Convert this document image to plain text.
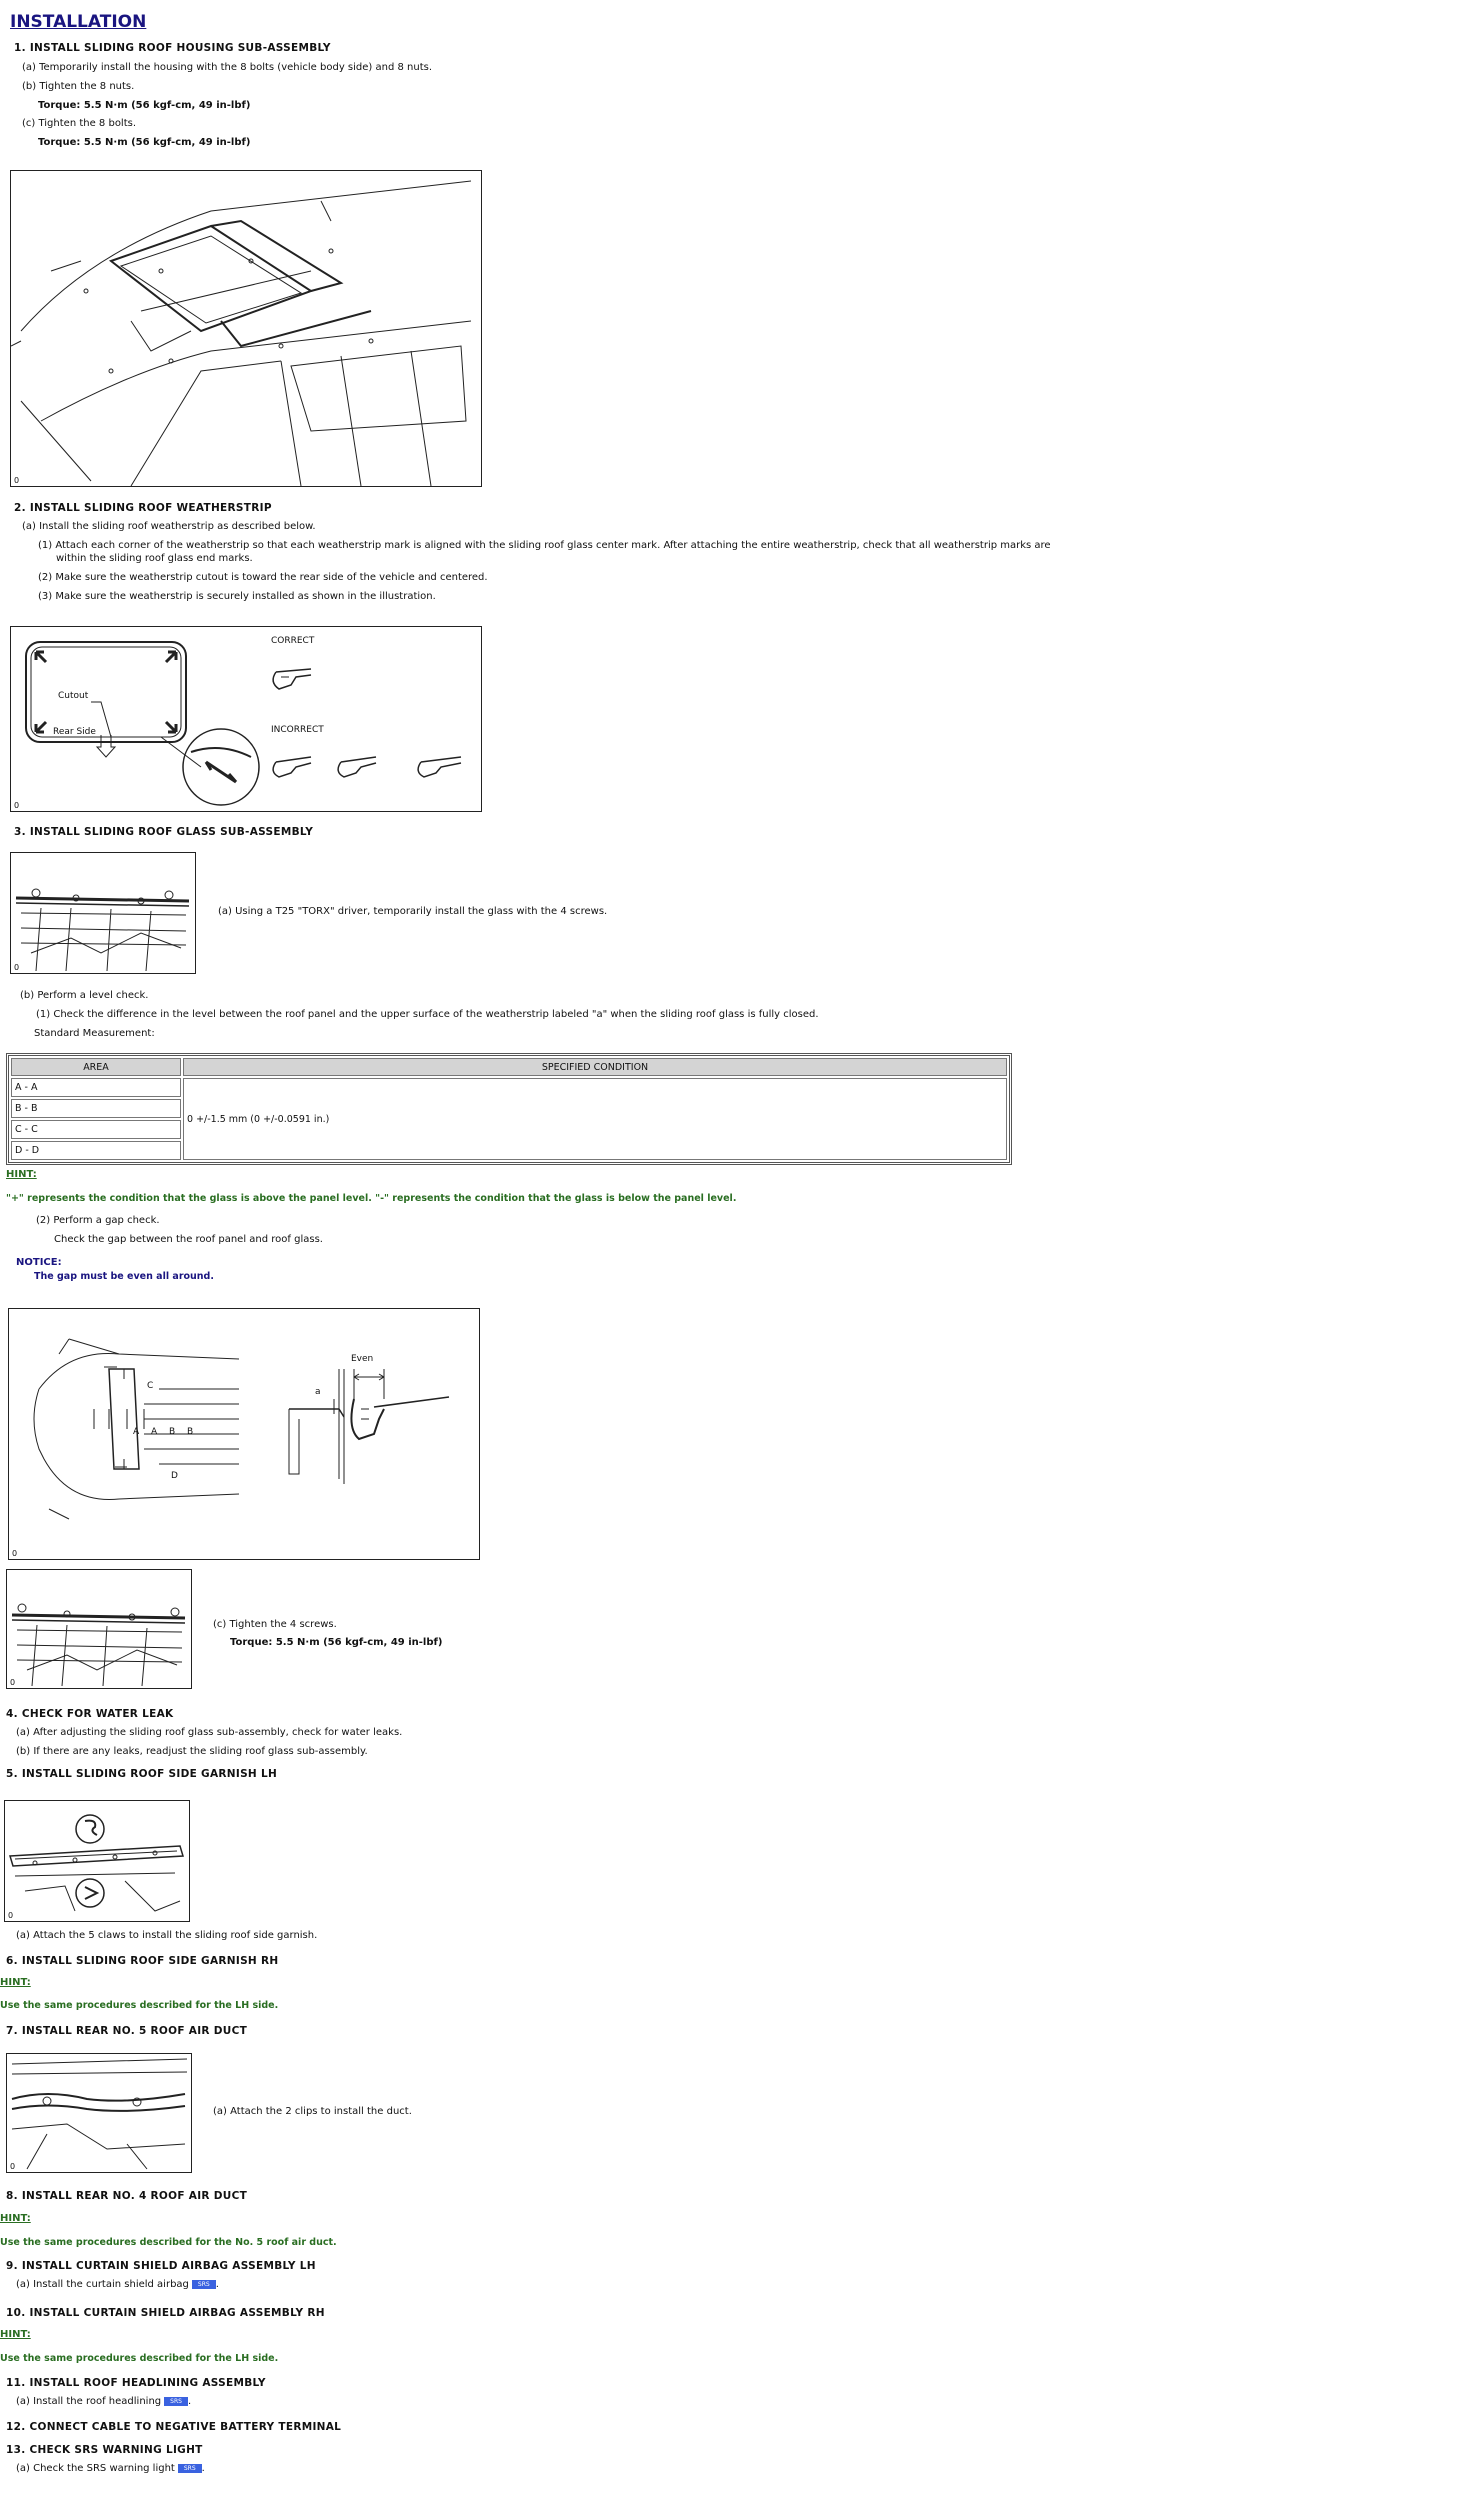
INSTALLATION
1. INSTALL SLIDING ROOF HOUSING SUB-ASSEMBLY
(a) Temporarily install the housing with the 8 bolts (vehicle body side) and 8 nuts.
(b) Tighten the 8 nuts.
Torque: 5.5 N·m (56 kgf-cm, 49 in-lbf)
(c) Tighten the 8 bolts.
Torque: 5.5 N·m (56 kgf-cm, 49 in-lbf)
0
2. INSTALL SLIDING ROOF WEATHERSTRIP
(a) Install the sliding roof weatherstrip as described below.
(1) Attach each corner of the weatherstrip so that each weatherstrip mark is aligned with the sliding roof glass center mark. After attaching the entire weatherstrip, check that all weatherstrip marks are
within the sliding roof glass end marks.
(2) Make sure the weatherstrip cutout is toward the rear side of the vehicle and centered.
(3) Make sure the weatherstrip is securely installed as shown in the illustration.
CORRECT
INCORRECT
Cutout
Rear Side
0
3. INSTALL SLIDING ROOF GLASS SUB-ASSEMBLY
0
(a) Using a T25 "TORX" driver, temporarily install the glass with the 4 screws.
(b) Perform a level check.
(1) Check the difference in the level between the roof panel and the upper surface of the weatherstrip labeled "a" when the sliding roof glass is fully closed.
Standard Measurement:
AREA	SPECIFIED CONDITION
A - A	0 +/-1.5 mm (0 +/-0.0591 in.)
B - B	
C - C	
D - D	
HINT:
"+" represents the condition that the glass is above the panel level. "-" represents the condition that the glass is below the panel level.
(2) Perform a gap check.
Check the gap between the roof panel and roof glass.
NOTICE:
The gap must be even all around.
Even
a
C
A A B B
D
0
0
(c) Tighten the 4 screws.
Torque: 5.5 N·m (56 kgf-cm, 49 in-lbf)
4. CHECK FOR WATER LEAK
(a) After adjusting the sliding roof glass sub-assembly, check for water leaks.
(b) If there are any leaks, readjust the sliding roof glass sub-assembly.
5. INSTALL SLIDING ROOF SIDE GARNISH LH
0
(a) Attach the 5 claws to install the sliding roof side garnish.
6. INSTALL SLIDING ROOF SIDE GARNISH RH
HINT:
Use the same procedures described for the LH side.
7. INSTALL REAR NO. 5 ROOF AIR DUCT
0
(a) Attach the 2 clips to install the duct.
8. INSTALL REAR NO. 4 ROOF AIR DUCT
HINT:
Use the same procedures described for the No. 5 roof air duct.
9. INSTALL CURTAIN SHIELD AIRBAG ASSEMBLY LH
(a) Install the curtain shield airbag SRS .
10. INSTALL CURTAIN SHIELD AIRBAG ASSEMBLY RH
HINT:
Use the same procedures described for the LH side.
11. INSTALL ROOF HEADLINING ASSEMBLY
(a) Install the roof headlining SRS .
12. CONNECT CABLE TO NEGATIVE BATTERY TERMINAL
13. CHECK SRS WARNING LIGHT
(a) Check the SRS warning light SRS .
